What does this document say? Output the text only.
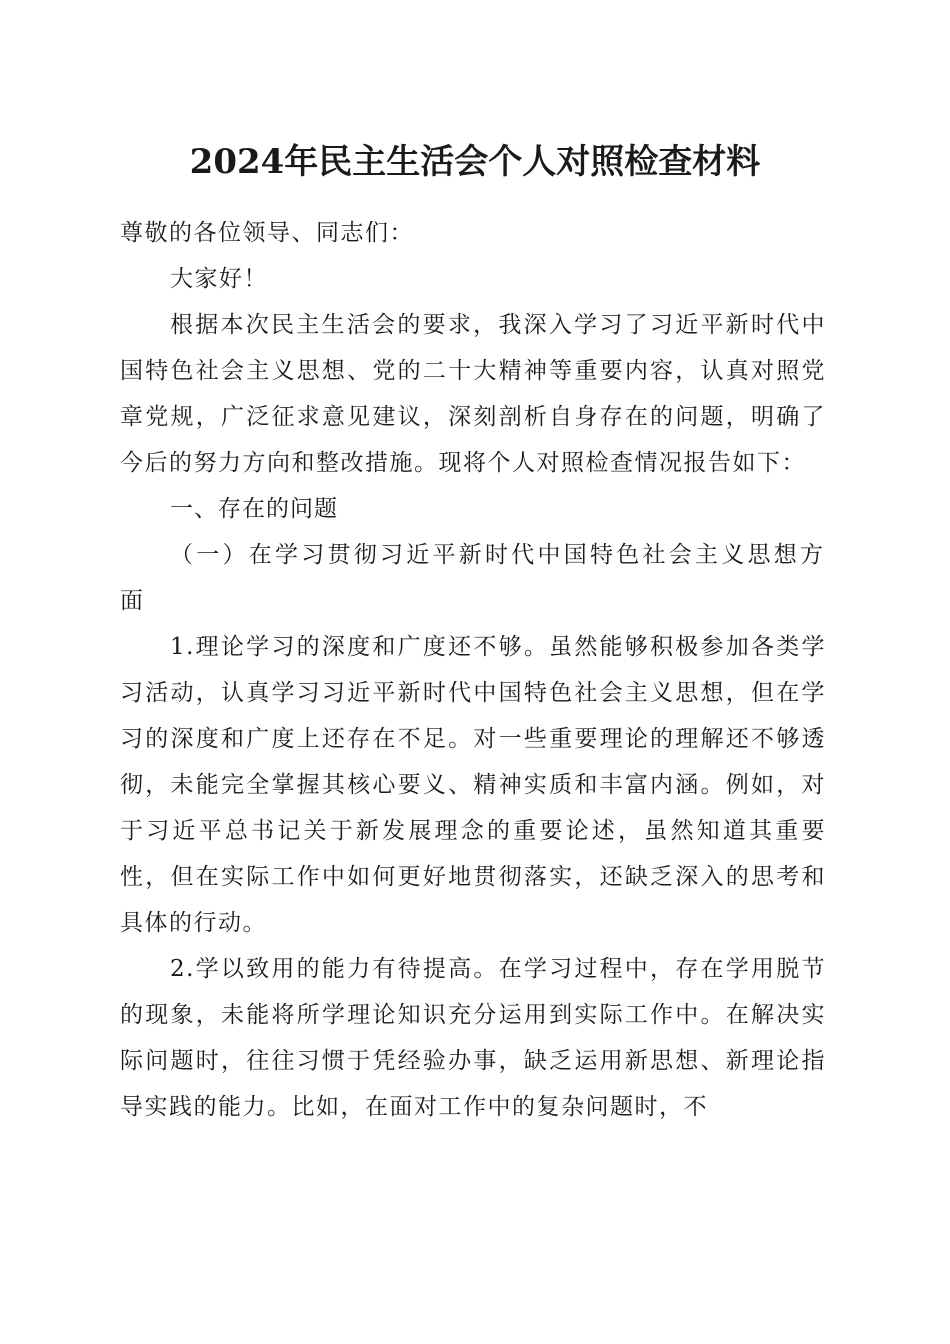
2024年民主生活会个人对照检查材料

尊敬的各位领导、同志们：

大家好！

根据本次民主生活会的要求，我深入学习了习近平新时代中国特色社会主义思想、党的二十大精神等重要内容，认真对照党章党规，广泛征求意见建议，深刻剖析自身存在的问题，明确了今后的努力方向和整改措施。现将个人对照检查情况报告如下：

一、存在的问题

（一）在学习贯彻习近平新时代中国特色社会主义思想方面

1.理论学习的深度和广度还不够。虽然能够积极参加各类学习活动，认真学习习近平新时代中国特色社会主义思想，但在学习的深度和广度上还存在不足。对一些重要理论的理解还不够透彻，未能完全掌握其核心要义、精神实质和丰富内涵。例如，对于习近平总书记关于新发展理念的重要论述，虽然知道其重要性，但在实际工作中如何更好地贯彻落实，还缺乏深入的思考和具体的行动。

2.学以致用的能力有待提高。在学习过程中，存在学用脱节的现象，未能将所学理论知识充分运用到实际工作中。在解决实际问题时，往往习惯于凭经验办事，缺乏运用新思想、新理论指导实践的能力。比如，在面对工作中的复杂问题时，不
